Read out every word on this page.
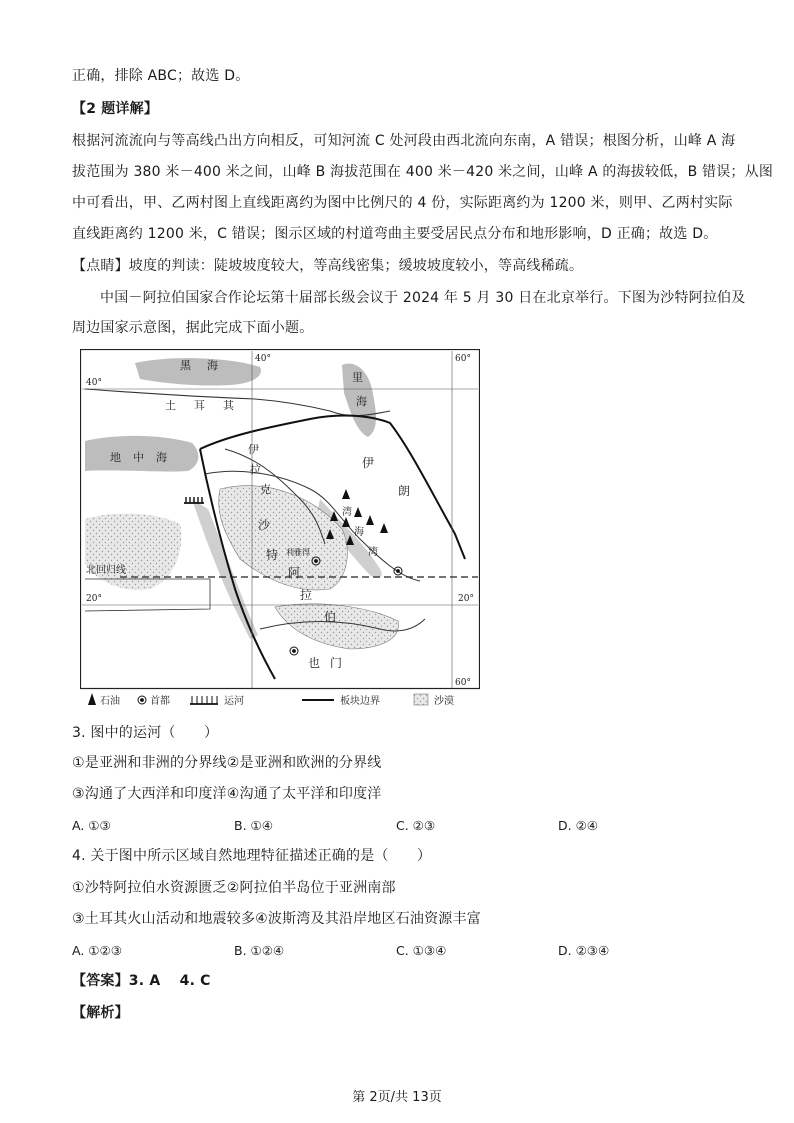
正确，排除 ABC；故选 D。
【2 题详解】
根据河流流向与等高线凸出方向相反，可知河流 C 处河段由西北流向东南，A 错误；根图分析，山峰 A 海
拔范围为 380 米－400 米之间，山峰 B 海拔范围在 400 米－420 米之间，山峰 A 的海拔较低，B 错误；从图
中可看出，甲、乙两村图上直线距离约为图中比例尺的 4 份，实际距离约为 1200 米，则甲、乙两村实际
直线距离约 1200 米，C 错误；图示区域的村道弯曲主要受居民点分布和地形影响，D 正确；故选 D。
【点睛】坡度的判读：陡坡坡度较大，等高线密集；缓坡坡度较小，等高线稀疏。
中国－阿拉伯国家合作论坛第十届部长级会议于 2024 年 5 月 30 日在北京举行。下图为沙特阿拉伯及
周边国家示意图，据此完成下面小题。
黑海
土耳其
里
海
地中海
伊
拉
克
伊
朗
沙
特
阿
拉
伯
利雅得
湾
海
湾
也门
北回归线
40°
20°
40°	60°
20°
60°
石油	首都	运河	板块边界	沙漠
3. 图中的运河（　　）
①是亚洲和非洲的分界线②是亚洲和欧洲的分界线
③沟通了大西洋和印度洋④沟通了太平洋和印度洋
A. ①③	B. ①④	C. ②③	D. ②④
4. 关于图中所示区域自然地理特征描述正确的是（　　）
①沙特阿拉伯水资源匮乏②阿拉伯半岛位于亚洲南部
③土耳其火山活动和地震较多④波斯湾及其沿岸地区石油资源丰富
A. ①②③	B. ①②④	C. ①③④	D. ②③④
【答案】3. A　 4. C
【解析】
第 2页/共 13页
